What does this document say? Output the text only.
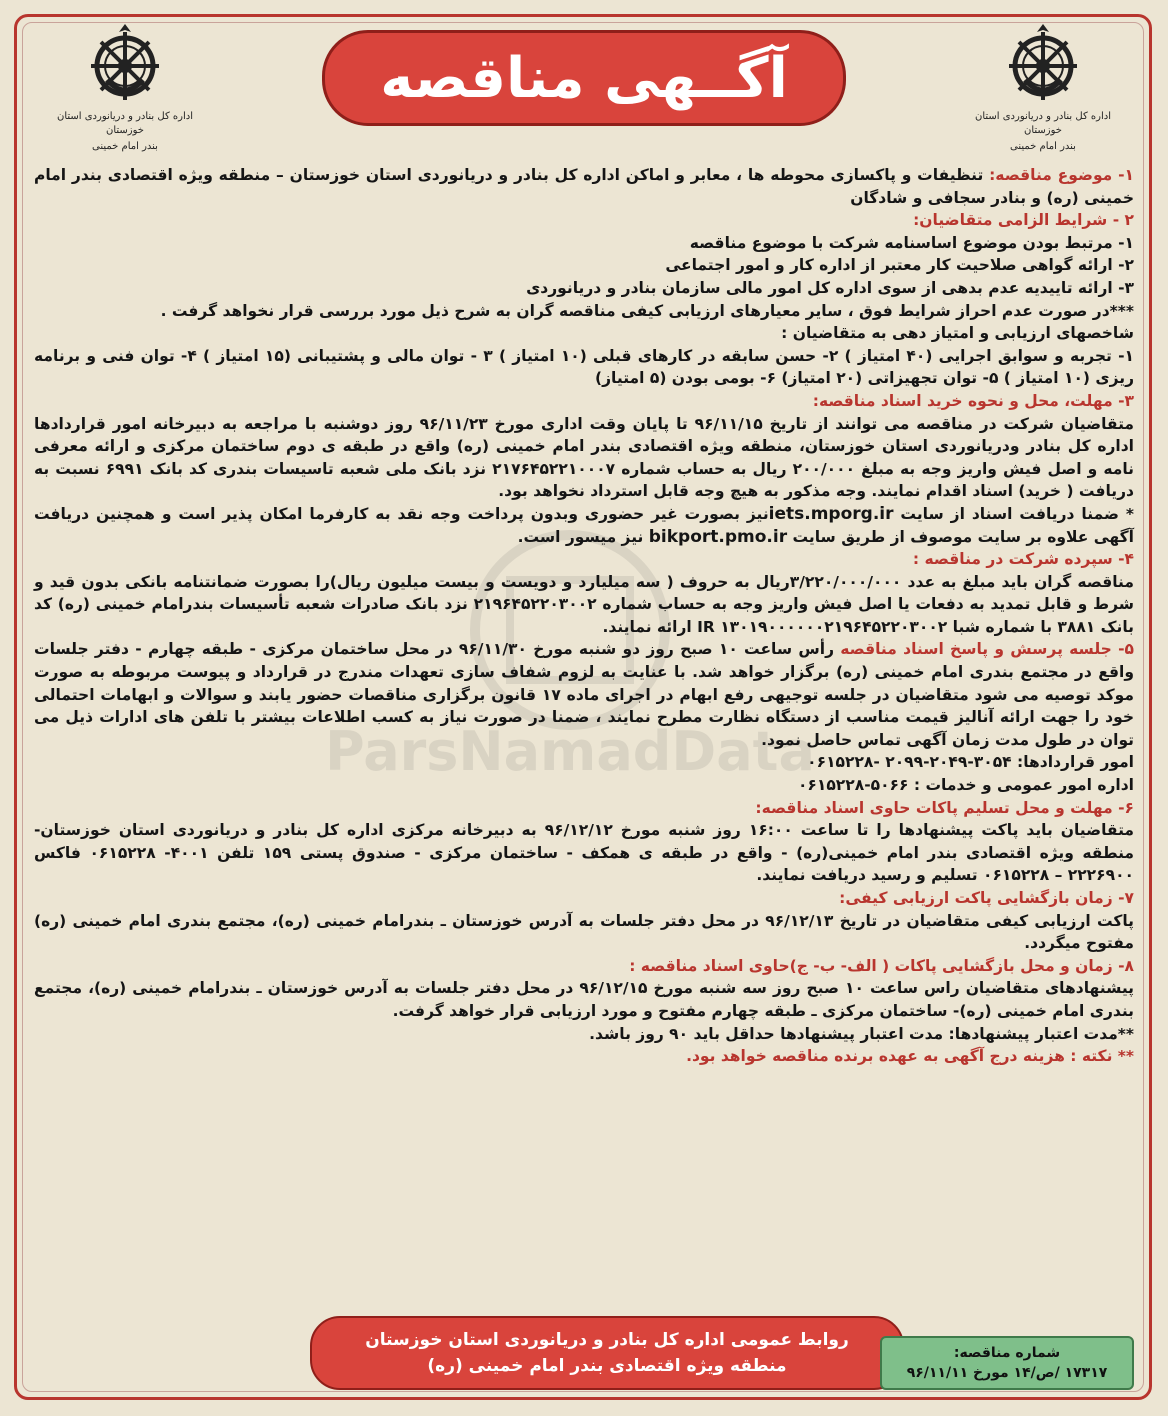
اداره کل بنادر و دریانوردی استان خوزستان
بندر امام خمینی
اداره کل بنادر و دریانوردی استان خوزستان
بندر امام خمینی
آگــهی مناقصه
ParsNamadData

۱- موضوع مناقصه: تنظیفات و پاکسازی محوطه ها ، معابر و اماکن اداره کل بنادر و دریانوردی استان خوزستان – منطقه ویژه اقتصادی بندر امام خمینی (ره) و بنادر سجافی و شادگان

۲ - شرایط الزامی متقاضیان:

۱- مرتبط بودن موضوع اساسنامه شرکت با موضوع مناقصه

۲- ارائه گواهی صلاحیت کار معتبر از اداره کار و امور اجتماعی

۳- ارائه تاییدیه عدم بدهی از سوی اداره کل امور مالی سازمان بنادر و دریانوردی

***در صورت عدم احراز شرایط فوق ، سایر معیارهای ارزیابی کیفی مناقصه گران به شرح ذیل مورد بررسی قرار نخواهد گرفت .

شاخصهای ارزیابی و امتیاز دهی به متقاضیان :

۱- تجربه و سوابق اجرایی (۴۰ امتیاز ) ۲- حسن سابقه در کارهای قبلی (۱۰ امتیاز ) ۳ - توان مالی و پشتیبانی (۱۵ امتیاز ) ۴- توان فنی و برنامه ریزی (۱۰ امتیاز ) ۵- توان تجهیزاتی (۲۰ امتیاز) ۶- بومی بودن (۵ امتیاز)

۳- مهلت، محل و نحوه خرید اسناد مناقصه:

متقاضیان شرکت در مناقصه می توانند از تاریخ ۹۶/۱۱/۱۵ تا پایان وقت اداری مورخ ۹۶/۱۱/۲۳ روز دوشنبه با مراجعه به دبیرخانه امور قراردادها اداره کل بنادر ودریانوردی استان خوزستان، منطقه ویژه اقتصادی بندر امام خمینی (ره) واقع در طبقه ی دوم ساختمان مرکزی و ارائه معرفی نامه و اصل فیش واریز وجه به مبلغ ۲۰۰/۰۰۰ ریال به حساب شماره ۲۱۷۶۴۵۲۲۱۰۰۰۷ نزد بانک ملی شعبه تاسیسات بندری کد بانک ۶۹۹۱ نسبت به دریافت ( خرید) اسناد اقدام نمایند. وجه مذکور به هیچ وجه قابل استرداد نخواهد بود.

* ضمنا دریافت اسناد از سایت iets.mporg.irنیز بصورت غیر حضوری وبدون پرداخت وجه نقد به کارفرما امکان پذیر است و همچنین دریافت آگهی علاوه بر سایت موصوف از طریق سایت bikport.pmo.ir نیز میسور است.

۴- سپرده شرکت در مناقصه :

مناقصه گران باید مبلغ به عدد ۳/۲۲۰/۰۰۰/۰۰۰ریال به حروف ( سه میلیارد و دویست و بیست میلیون ریال)را بصورت ضمانتنامه بانکی بدون قید و شرط و قابل تمدید به دفعات یا اصل فیش واریز وجه به حساب شماره ۲۱۹۶۴۵۲۲۰۳۰۰۲ نزد بانک صادرات شعبه تأسیسات بندرامام خمینی (ره) کد بانک ۳۸۸۱ با شماره شبا IR ۱۳۰۱۹۰۰۰۰۰۰۲۱۹۶۴۵۲۲۰۳۰۰۲ ارائه نمایند.

۵- جلسه پرسش و پاسخ اسناد مناقصه رأس ساعت ۱۰ صبح روز دو شنبه مورخ ۹۶/۱۱/۳۰ در محل ساختمان مرکزی - طبقه چهارم - دفتر جلسات واقع در مجتمع بندری امام خمینی (ره) برگزار خواهد شد. با عنایت به لزوم شفاف سازی تعهدات مندرج در قرارداد و پیوست مربوطه به صورت موکد توصیه می شود متقاضیان در جلسه توجیهی رفع ابهام در اجرای ماده ۱۷ قانون برگزاری مناقصات حضور یابند و سوالات و ابهامات احتمالی خود را جهت ارائه آنالیز قیمت مناسب از دستگاه نظارت مطرح نمایند ، ضمنا در صورت نیاز به کسب اطلاعات بیشتر با تلفن های ادارات ذیل می توان در طول مدت زمان آگهی تماس حاصل نمود.

امور قراردادها: ۳۰۵۴-۲۰۴۹-۲۰۹۹ -۰۶۱۵۲۲۸

اداره امور عمومی و خدمات : ۵۰۶۶-۰۶۱۵۲۲۸

۶- مهلت و محل تسلیم پاکات حاوی اسناد مناقصه:

متقاضیان باید پاکت پیشنهادها را تا ساعت ۱۶:۰۰ روز شنبه مورخ ۹۶/۱۲/۱۲ به دبیرخانه مرکزی اداره کل بنادر و دریانوردی استان خوزستان- منطقه ویژه اقتصادی بندر امام خمینی(ره) - واقع در طبقه ی همکف - ساختمان مرکزی - صندوق پستی ۱۵۹ تلفن ۴۰۰۱- ۰۶۱۵۲۲۸ فاکس ۲۲۲۶۹۰۰ – ۰۶۱۵۲۲۸ تسلیم و رسید دریافت نمایند.

۷- زمان بازگشایی پاکت ارزیابی کیفی:

پاکت ارزیابی کیفی متقاضیان در تاریخ ۹۶/۱۲/۱۳ در محل دفتر جلسات به آدرس خوزستان ـ بندرامام خمینی (ره)، مجتمع بندری امام خمینی (ره) مفتوح میگردد.

۸- زمان و محل بازگشایی پاکات ( الف- ب- ج)حاوی اسناد مناقصه :

پیشنهادهای متقاضیان راس ساعت ۱۰ صبح روز سه شنبه مورخ ۹۶/۱۲/۱۵ در محل دفتر جلسات به آدرس خوزستان ـ بندرامام خمینی (ره)، مجتمع بندری امام خمینی (ره)- ساختمان مرکزی ـ طبقه چهارم مفتوح و مورد ارزیابی قرار خواهد گرفت.

**مدت اعتبار پیشنهادها: مدت اعتبار پیشنهادها حداقل باید ۹۰ روز باشد.

** نکته : هزینه درج آگهی به عهده برنده مناقصه خواهد بود.

روابط عمومی اداره کل بنادر و دریانوردی استان خوزستان
منطقه ویژه اقتصادی بندر امام خمینی (ره)
شماره مناقصه:
۱۷۳۱۷ /ص/۱۴ مورخ ۹۶/۱۱/۱۱
